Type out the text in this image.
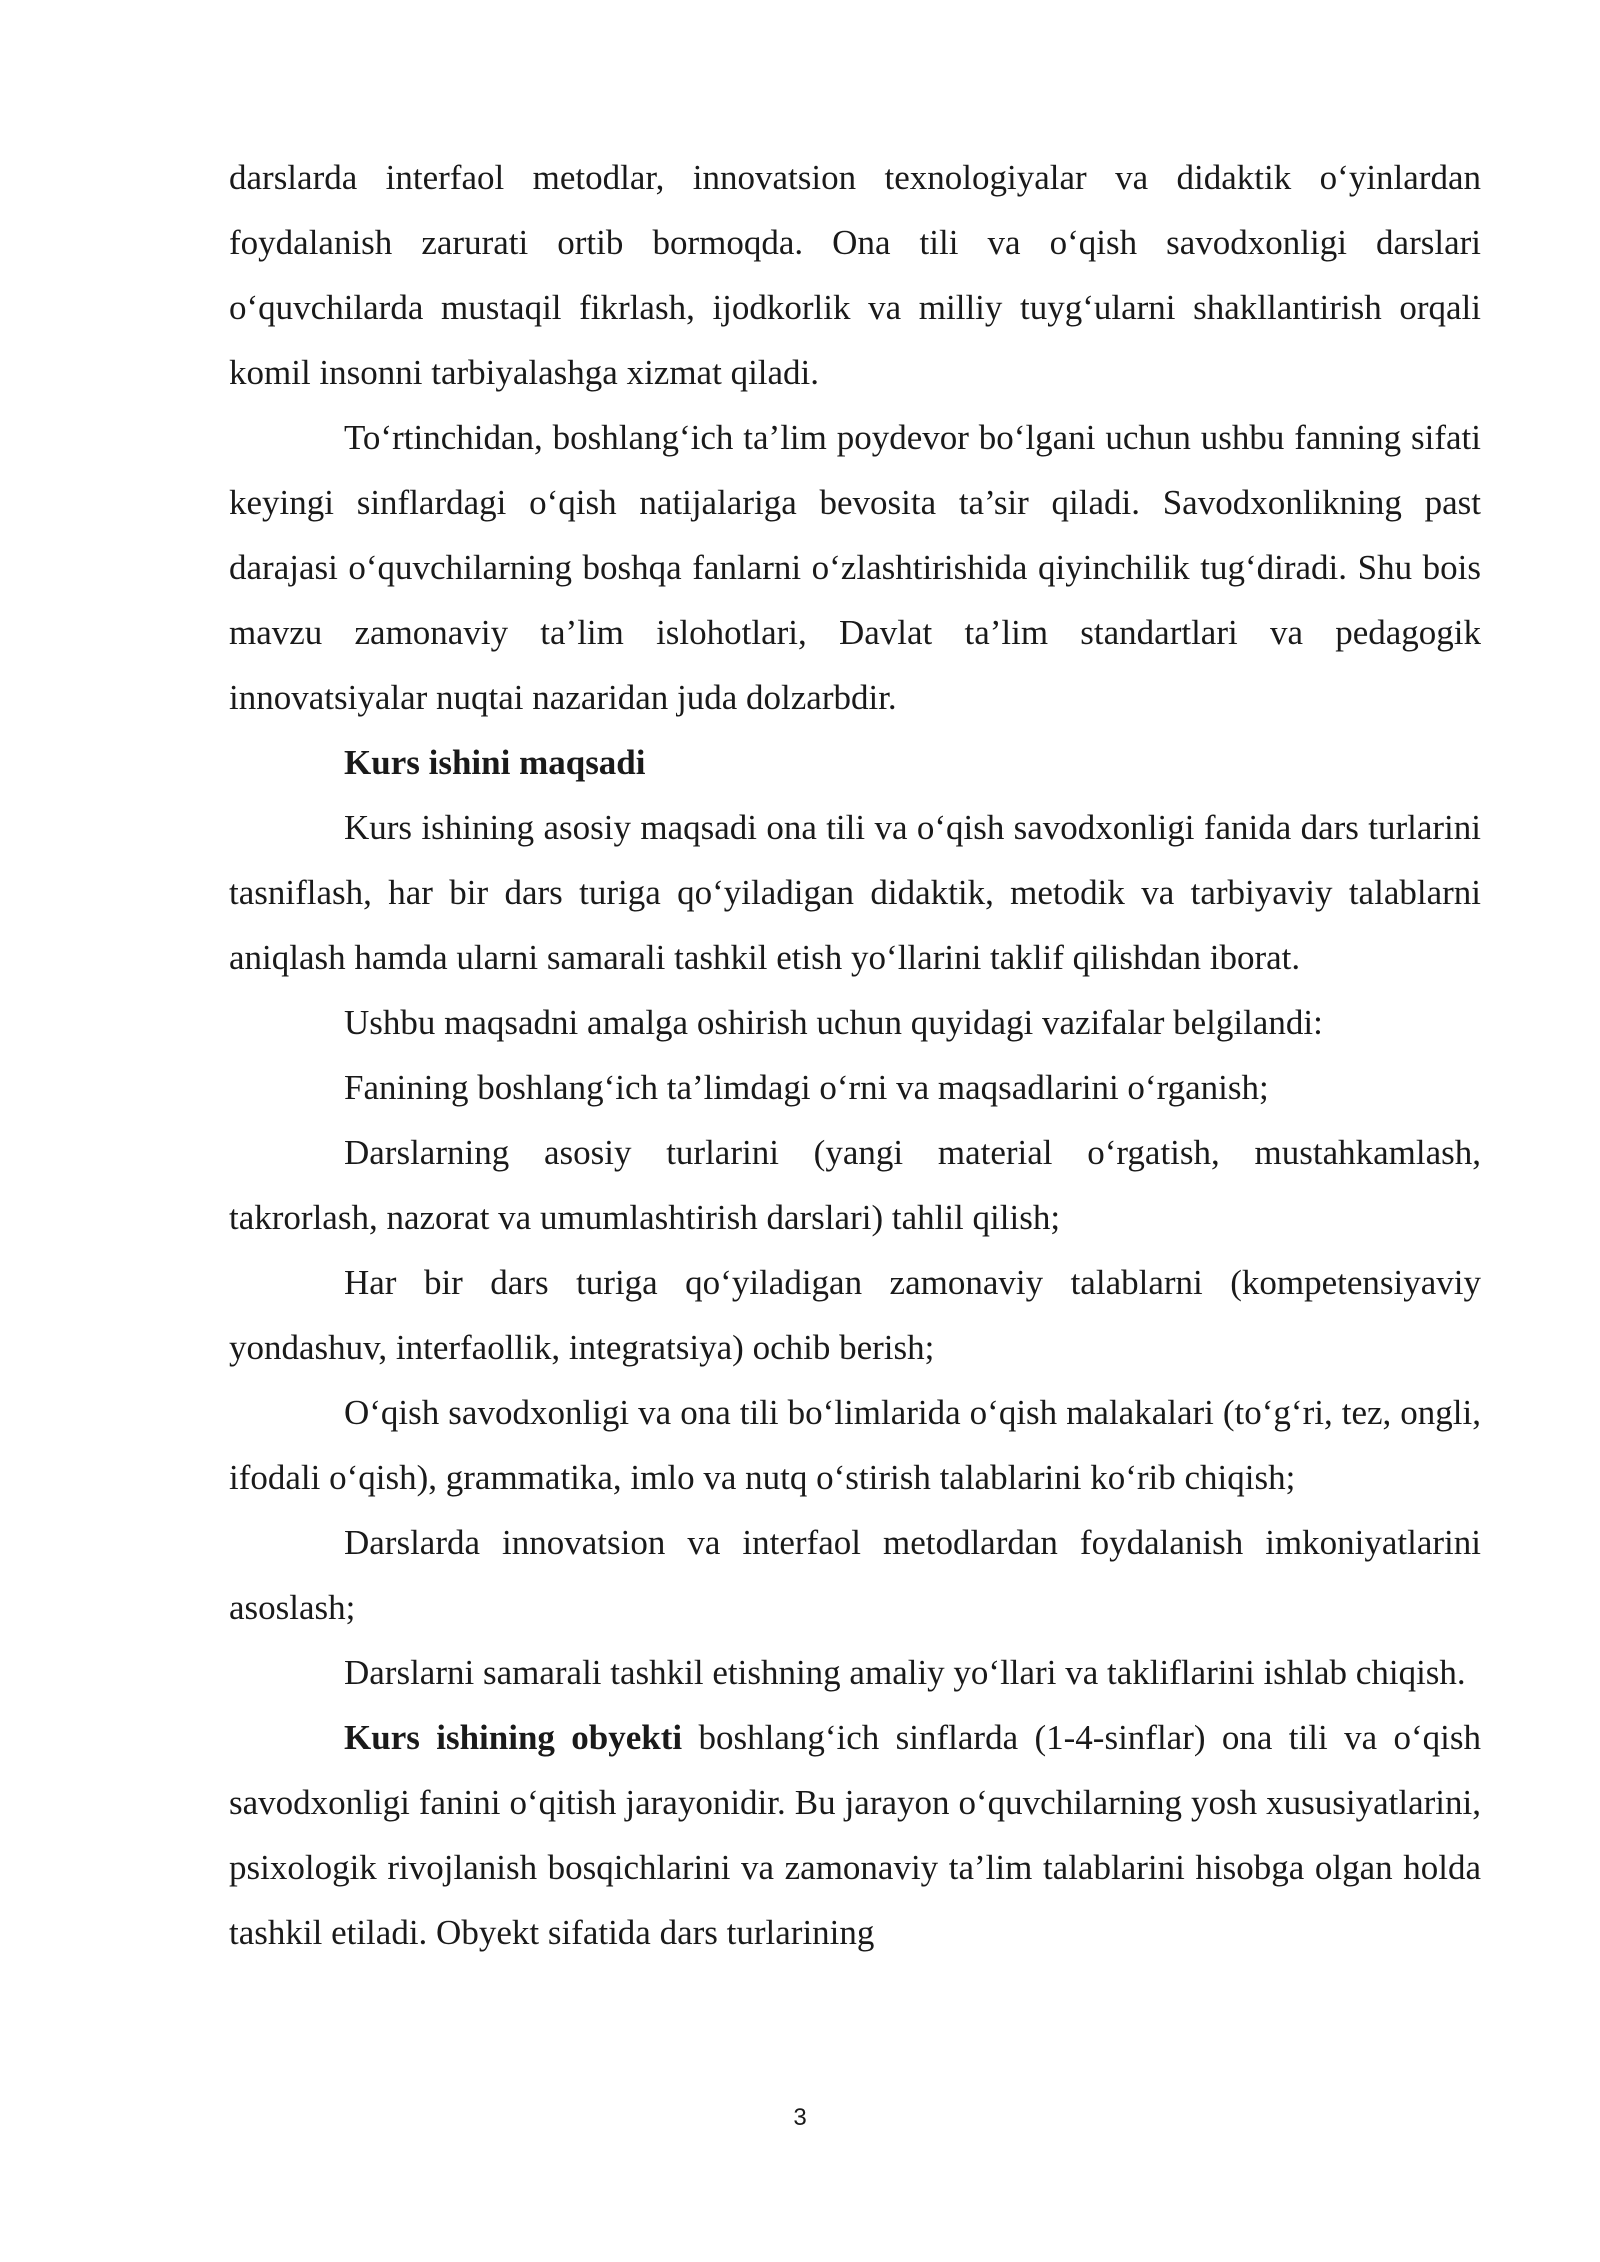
darslarda interfaol metodlar, innovatsion texnologiyalar va didaktik o‘yinlardan foydalanish zarurati ortib bormoqda. Ona tili va o‘qish savodxonligi darslari o‘quvchilarda mustaqil fikrlash, ijodkorlik va milliy tuyg‘ularni shakllantirish orqali komil insonni tarbiyalashga xizmat qiladi.

To‘rtinchidan, boshlang‘ich ta’lim poydevor bo‘lgani uchun ushbu fanning sifati keyingi sinflardagi o‘qish natijalariga bevosita ta’sir qiladi. Savodxonlikning past darajasi o‘quvchilarning boshqa fanlarni o‘zlashtirishida qiyinchilik tug‘diradi. Shu bois mavzu zamonaviy ta’lim islohotlari, Davlat ta’lim standartlari va pedagogik innovatsiyalar nuqtai nazaridan juda dolzarbdir.

Kurs ishini maqsadi

Kurs ishining asosiy maqsadi ona tili va o‘qish savodxonligi fanida dars turlarini tasniflash, har bir dars turiga qo‘yiladigan didaktik, metodik va tarbiyaviy talablarni aniqlash hamda ularni samarali tashkil etish yo‘llarini taklif qilishdan iborat.

Ushbu maqsadni amalga oshirish uchun quyidagi vazifalar belgilandi:

Fanining boshlang‘ich ta’limdagi o‘rni va maqsadlarini o‘rganish;

Darslarning asosiy turlarini (yangi material o‘rgatish, mustahkamlash, takrorlash, nazorat va umumlashtirish darslari) tahlil qilish;

Har bir dars turiga qo‘yiladigan zamonaviy talablarni (kompetensiyaviy yondashuv, interfaollik, integratsiya) ochib berish;

O‘qish savodxonligi va ona tili bo‘limlarida o‘qish malakalari (to‘g‘ri, tez, ongli, ifodali o‘qish), grammatika, imlo va nutq o‘stirish talablarini ko‘rib chiqish;

Darslarda innovatsion va interfaol metodlardan foydalanish imkoniyatlarini asoslash;

Darslarni samarali tashkil etishning amaliy yo‘llari va takliflarini ishlab chiqish.

Kurs ishining obyekti boshlang‘ich sinflarda (1-4-sinflar) ona tili va o‘qish savodxonligi fanini o‘qitish jarayonidir. Bu jarayon o‘quvchilarning yosh xususiyatlarini, psixologik rivojlanish bosqichlarini va zamonaviy ta’lim talablarini hisobga olgan holda tashkil etiladi. Obyekt sifatida dars turlarining

3
